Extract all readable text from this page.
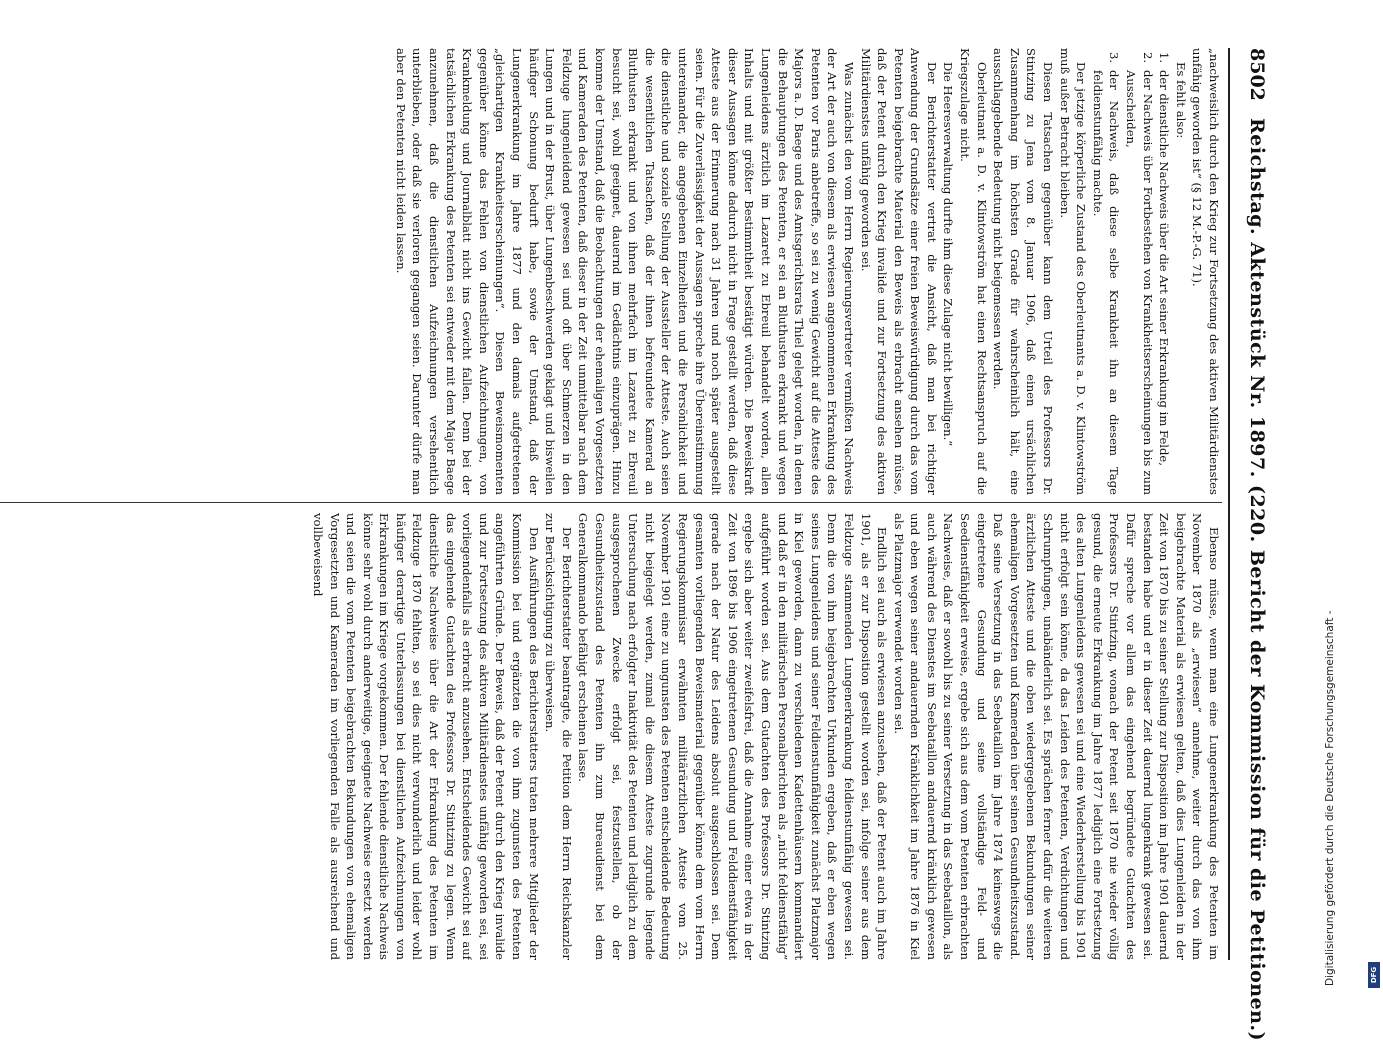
8502
Reichstag. Aktenstück Nr. 1897. (220. Bericht der Kommission für die Petitionen.)

„nachweislich durch den Krieg zur Fortsetzung des aktiven Militärdienstes unfähig geworden ist“ (§ 12 M.-P.-G. 71).

Es fehlt also:

1.
der dienstliche Nachweis über die Art seiner Erkrankung im Felde,

2.
der Nachweis über Fortbestehen von Krankheitserscheinungen bis zum Ausscheiden,

3.
der Nachweis, daß diese selbe Krankheit ihn an diesem Tage feldienstunfähig machte.

Der jetzige körperliche Zustand des Oberleutnants a. D. v. Klintowström muß außer Betracht bleiben.

Diesen Tatsachen gegenüber kann dem Urteil des Professors Dr. Stintzing zu Jena vom 8. Januar 1906, daß einen ursächlichen Zusammenhang im höchsten Grade für wahrscheinlich hält, eine ausschlaggebende Bedeutung nicht beigemessen werden.

Oberleutnant a. D. v. Klintowström hat einen Rechtsanspruch auf die Kriegszulage nicht.

Die Heeresverwaltung durfte ihm diese Zulage nicht bewilligen.“

Der Berichterstatter vertrat die Ansicht, daß man bei richtiger Anwendung der Grundsätze einer freien Beweiswürdigung durch das vom Petenten beigebrachte Material den Beweis als erbracht ansehen müsse, daß der Petent durch den Krieg invalide und zur Fortsetzung des aktiven Militärdienstes unfähig geworden sei.

Was zunächst den vom Herrn Regierungsvertreter vermißten Nachweis der Art der auch von diesem als erwiesen angenommenen Erkrankung des Petenten vor Paris anbetreffe, so sei zu wenig Gewicht auf die Atteste des Majors a. D. Baege und des Amtsgerichtsrats Thiel gelegt worden, in denen die Behauptungen des Petenten, er sei an Bluthusten erkrankt und wegen Lungenleidens ärztlich im Lazarett zu Ebreuil behandelt worden, allen Inhalts und mit größter Bestimmtheit bestätigt würden. Die Beweiskraft dieser Aussagen könne dadurch nicht in Frage gestellt werden, daß diese Atteste aus der Erinnerung nach 31 Jahren und noch später ausgestellt seien. Für die Zuverlässigkeit der Aussagen spreche ihre Übereinstimmung untereinander, die angegebenen Einzelheiten und die Persönlichkeit und die dienstliche und soziale Stellung der Aussteller der Atteste. Auch seien die wesentlichen Tatsachen, daß der ihnen befreundete Kamerad an Bluthusten erkrankt und von ihnen mehrfach im Lazarett zu Ebreuil besucht sei, wohl geeignet, dauernd im Gedächtnis einzuprägen. Hinzu komme der Umstand, daß die Beobachtungen der ehemaligen Vorgesetzten und Kameraden des Petenten, daß dieser in der Zeit unmittelbar nach dem Feldzuge lungenleidend gewesen sei und oft über Schmerzen in den Lungen und in der Brust, über Lungenbeschwerden geklagt und bisweilen häufiger Schonung bedurft habe, sowie der Umstand, daß der Lungenerkrankung im Jahre 1877 und den damals aufgetretenen „gleichartigen Krankheitserscheinungen“. Diesen Beweismomenten gegenüber könne das Fehlen von dienstlichen Aufzeichnungen, von Krankmeldung und Journalblatt nicht ins Gewicht fallen. Denn bei der tatsächlichen Erkrankung des Petenten sei entweder mit dem Major Baege anzunehmen, daß die dienstlichen Aufzeichnungen versehentlich unterblieben, oder daß sie verloren gegangen seien. Darunter dürfe man aber den Petenten nicht leiden lassen.

Ebenso müsse, wenn man eine Lungenerkrankung des Petenten im November 1870 als „erwiesen“ annehme, weiter durch das von ihm beigebrachte Material als erwiesen gelten, daß dies Lungenleiden in der Zeit von 1870 bis zu seiner Stellung zur Disposition im Jahre 1901 dauernd bestanden habe und er in dieser Zeit dauernd lungenkrank gewesen sei. Dafür spreche vor allem das eingehend begründete Gutachten des Professors Dr. Stintzing, wonach der Petent seit 1870 nie wieder völlig gesund, die erneute Erkrankung im Jahre 1877 lediglich eine Fortsetzung des alten Lungenleidens gewesen sei und eine Wiederherstellung bis 1901 nicht erfolgt sein könne, da das Leiden des Petenten, Verdichtungen und Schrumpfungen, unabänderlich sei. Es sprächen ferner dafür die weiteren ärztlichen Atteste und die oben wiedergegebenen Bekundungen seiner ehemaligen Vorgesetzten und Kameraden über seinen Gesundheitszustand. Daß seine Versetzung in das Seebataillon im Jahre 1874 keineswegs die eingetretene Gesundung und seine vollständige Feld- und Seedienstfähigkeit erweise, ergebe sich aus dem vom Petenten erbrachten Nachweise, daß er sowohl bis zu seiner Versetzung in das Seebataillon, als auch während des Dienstes im Seebataillon andauernd kränklich gewesen und eben wegen seiner andauernden Kränklichkeit im Jahre 1876 in Kiel als Platzmajor verwendet worden sei.

Endlich sei auch als erwiesen anzusehen, daß der Petent auch im Jahre 1901, als er zur Disposition gestellt worden sei, infolge seiner aus dem Feldzuge stammenden Lungenerkrankung feldienstunfähig gewesen sei. Denn die von ihm beigebrachten Urkunden ergeben, daß er eben wegen seines Lungenleidens und seiner Feldienstunfähigkeit zunächst Platzmajor in Kiel geworden, dann zu verschiedenen Kadettenhäusern kommandiert und daß er in den militärischen Personalberichten als „nicht feldienstfähig“ aufgeführt worden sei. Aus dem Gutachten des Professors Dr. Stintzing ergebe sich aber weiter zweifelsfrei, daß die Annahme einer etwa in der Zeit von 1896 bis 1906 eingetretenen Gesundung und Felddienstfähigkeit gerade nach der Natur des Leidens absolut ausgeschlossen sei. Dem gesamten vorliegenden Beweismaterial gegenüber könne dem vom Herrn Regierungskommissar erwähnten militärärztlichen Atteste vom 25. November 1901 eine zu ungunsten des Petenten entscheidende Bedeutung nicht beigelegt werden, zumal die diesem Atteste zugrunde liegende Untersuchung nach erfolgter Inaktivität des Petenten und lediglich zu dem ausgesprochenen Zwecke erfolgt sei, festzustellen, ob der Gesundheitszustand des Petenten ihn zum Bureaudienst bei dem Generalkommando befähigt erscheinen lasse.

Der Berichterstatter beantragte, die Petition dem Herrn Reichskanzler zur Berücksichtigung zu überweisen.

Den Ausführungen des Berichterstatters traten mehrere Mitglieder der Kommission bei und ergänzten die von ihm zugunsten des Petenten angeführten Gründe. Der Beweis, daß der Petent durch den Krieg invalide und zur Fortsetzung des aktiven Militärdienstes unfähig geworden sei, sei vorliegendenfalls als erbracht anzusehen. Entscheidendes Gewicht sei auf das eingehende Gutachten des Professors Dr. Stintzing zu legen. Wenn dienstliche Nachweise über die Art der Erkrankung des Petenten im Feldzuge 1870 fehlten, so sei dies nicht verwunderlich und leider wohl häufiger derartige Unterlassungen bei dienstlichen Aufzeichnungen von Erkrankungen im Kriege vorgekommen. Der fehlende dienstliche Nachweis könne sehr wohl durch anderweitige, geeignete Nachweise ersetzt werden und seien die vom Petenten beigebrachten Bekundungen von ehemaligen Vorgesetzten und Kameraden im vorliegenden Falle als ausreichend und vollbeweisend

Digitalisierung gefördert durch die Deutsche Forschungsgemeinschaft -	DFG
